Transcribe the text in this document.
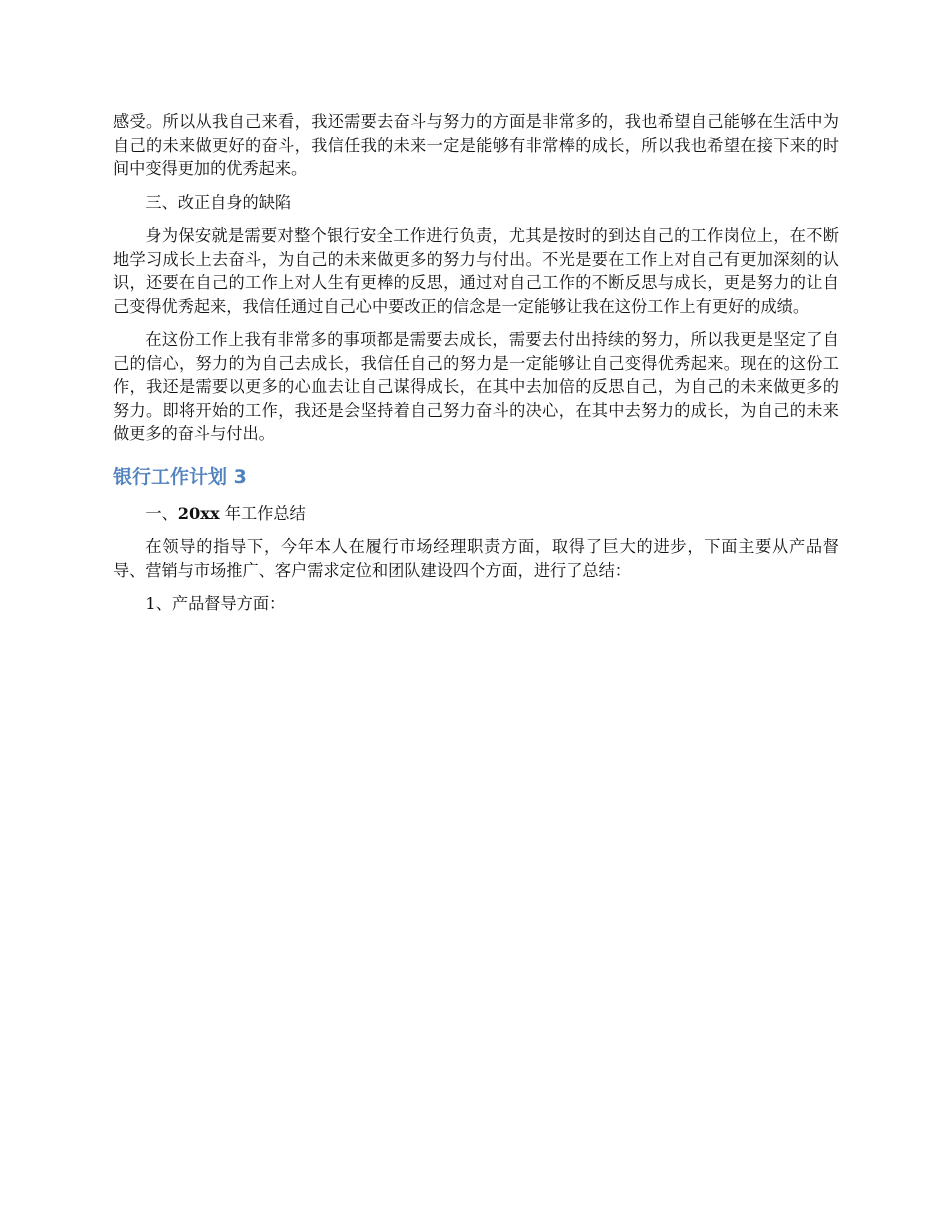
感受。所以从我自己来看，我还需要去奋斗与努力的方面是非常多的，我也希望自己能够在生活中为自己的未来做更好的奋斗，我信任我的未来一定是能够有非常棒的成长，所以我也希望在接下来的时间中变得更加的优秀起来。

三、改正自身的缺陷

身为保安就是需要对整个银行安全工作进行负责，尤其是按时的到达自己的工作岗位上，在不断地学习成长上去奋斗，为自己的未来做更多的努力与付出。不光是要在工作上对自己有更加深刻的认识，还要在自己的工作上对人生有更棒的反思，通过对自己工作的不断反思与成长，更是努力的让自己变得优秀起来，我信任通过自己心中要改正的信念是一定能够让我在这份工作上有更好的成绩。

在这份工作上我有非常多的事项都是需要去成长，需要去付出持续的努力，所以我更是坚定了自己的信心，努力的为自己去成长，我信任自己的努力是一定能够让自己变得优秀起来。现在的这份工作，我还是需要以更多的心血去让自己谋得成长，在其中去加倍的反思自己，为自己的未来做更多的努力。即将开始的工作，我还是会坚持着自己努力奋斗的决心，在其中去努力的成长，为自己的未来做更多的奋斗与付出。

银行工作计划 3

一、20xx 年工作总结

在领导的指导下，今年本人在履行市场经理职责方面，取得了巨大的进步，下面主要从产品督导、营销与市场推广、客户需求定位和团队建设四个方面，进行了总结：

1、产品督导方面：
